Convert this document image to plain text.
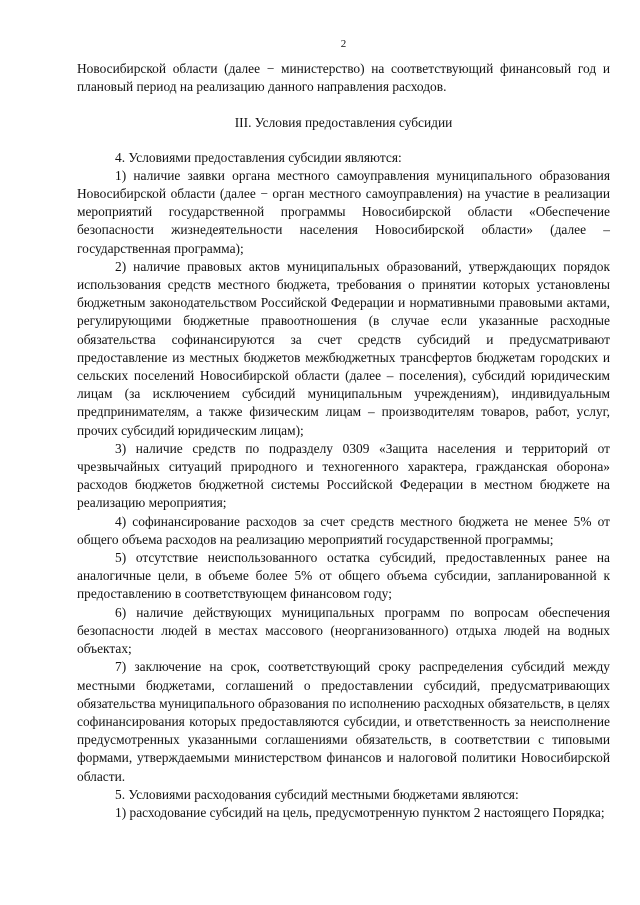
2

Новосибирской области (далее − министерство) на соответствующий финансовый год и плановый период на реализацию данного направления расходов.

III. Условия предоставления субсидии

4. Условиями предоставления субсидии являются:

1) наличие заявки органа местного самоуправления муниципального образования Новосибирской области (далее − орган местного самоуправления) на участие в реализации мероприятий государственной программы Новосибирской области «Обеспечение безопасности жизнедеятельности населения Новосибирской области» (далее – государственная программа);

2) наличие правовых актов муниципальных образований, утверждающих порядок использования средств местного бюджета, требования о принятии которых установлены бюджетным законодательством Российской Федерации и нормативными правовыми актами, регулирующими бюджетные правоотношения (в случае если указанные расходные обязательства софинансируются за счет средств субсидий и предусматривают предоставление из местных бюджетов межбюджетных трансфертов бюджетам городских и сельских поселений Новосибирской области (далее – поселения), субсидий юридическим лицам (за исключением субсидий муниципальным учреждениям), индивидуальным предпринимателям, а также физическим лицам – производителям товаров, работ, услуг, прочих субсидий юридическим лицам);

3) наличие средств по подразделу 0309 «Защита населения и территорий от чрезвычайных ситуаций природного и техногенного характера, гражданская оборона» расходов бюджетов бюджетной системы Российской Федерации в местном бюджете на реализацию мероприятия;

4) софинансирование расходов за счет средств местного бюджета не менее 5% от общего объема расходов на реализацию мероприятий государственной программы;

5) отсутствие неиспользованного остатка субсидий, предоставленных ранее на аналогичные цели, в объеме более 5% от общего объема субсидии, запланированной к предоставлению в соответствующем финансовом году;

6) наличие действующих муниципальных программ по вопросам обеспечения безопасности людей в местах массового (неорганизованного) отдыха людей на водных объектах;

7) заключение на срок, соответствующий сроку распределения субсидий между местными бюджетами, соглашений о предоставлении субсидий, предусматривающих обязательства муниципального образования по исполнению расходных обязательств, в целях софинансирования которых предоставляются субсидии, и ответственность за неисполнение предусмотренных указанными соглашениями обязательств, в соответствии с типовыми формами, утверждаемыми министерством финансов и налоговой политики Новосибирской области.

5. Условиями расходования субсидий местными бюджетами являются:

1) расходование субсидий на цель, предусмотренную пунктом 2 настоящего Порядка;
